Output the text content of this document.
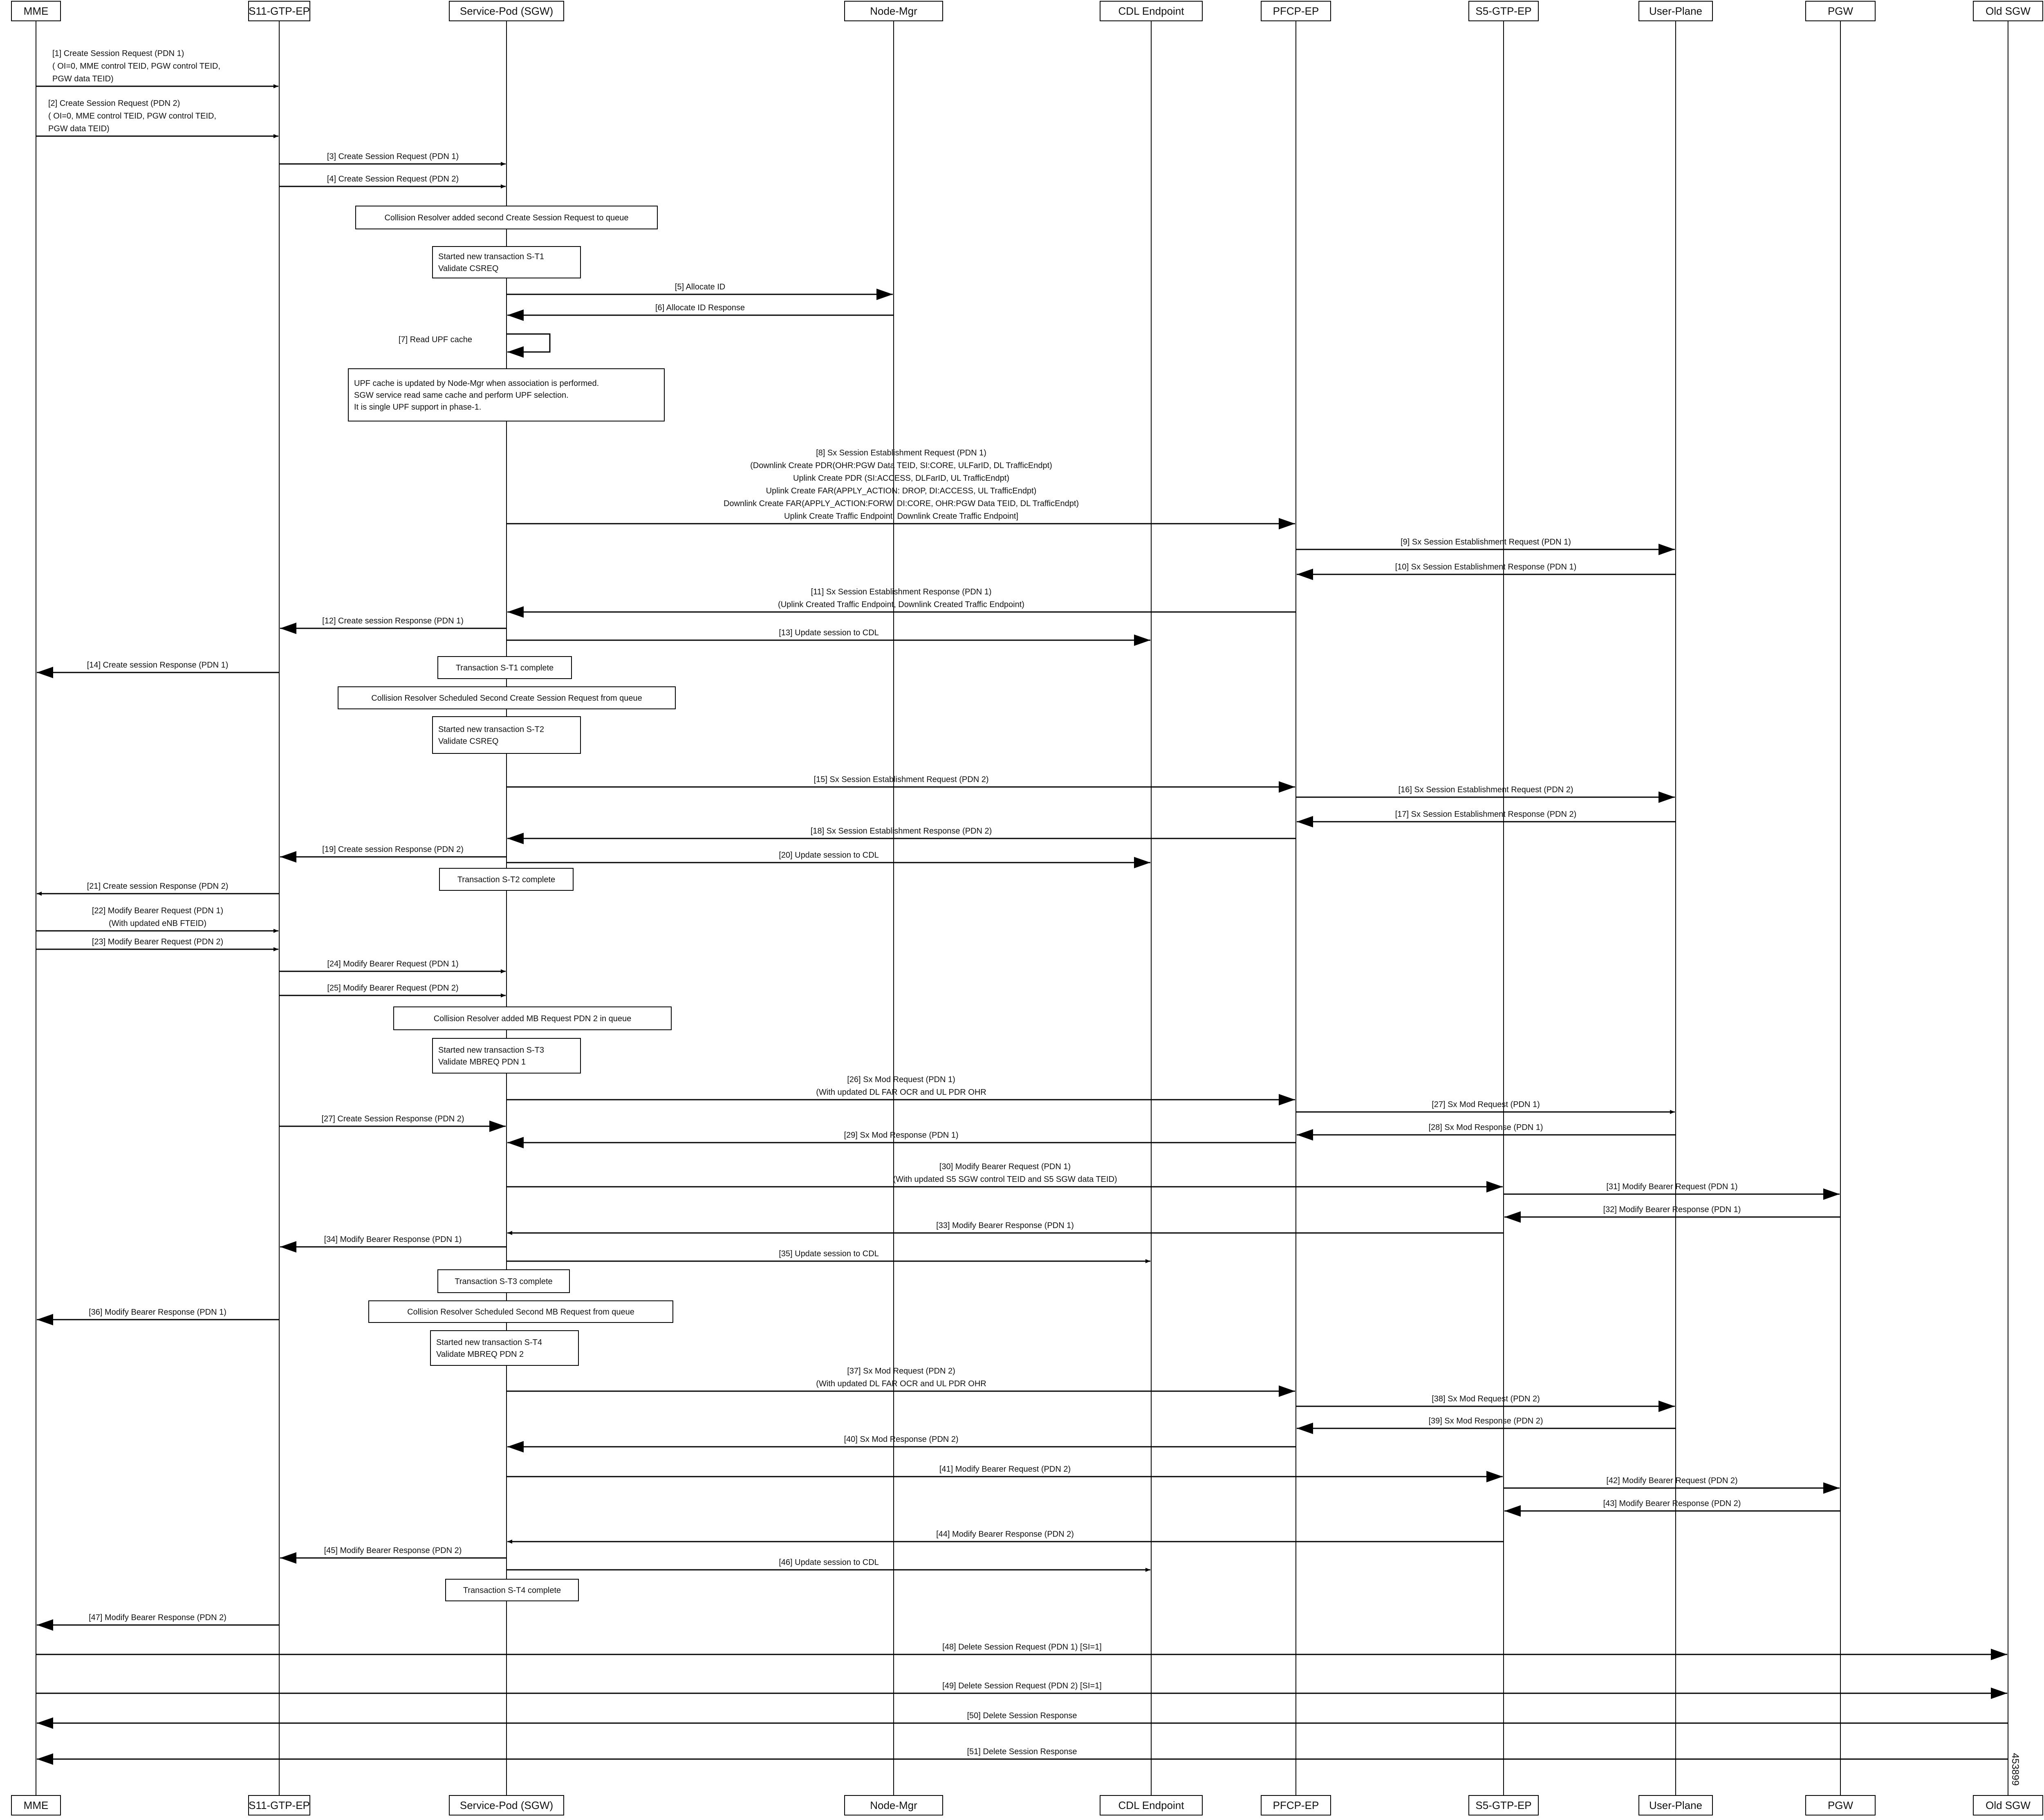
MME
MME
S11-GTP-EP
S11-GTP-EP
Service-Pod (SGW)
Service-Pod (SGW)
Node-Mgr
Node-Mgr
CDL Endpoint
CDL Endpoint
PFCP-EP
PFCP-EP
S5-GTP-EP
S5-GTP-EP
User-Plane
User-Plane
PGW
PGW
Old SGW
Old SGW
[1] Create Session Request (PDN 1)
( OI=0, MME control TEID, PGW control TEID,
PGW data TEID)
[2] Create Session Request (PDN 2)
( OI=0, MME control TEID, PGW control TEID,
PGW data TEID)
[3] Create Session Request (PDN 1)
[4] Create Session Request (PDN 2)
[5] Allocate ID
[6] Allocate ID Response
[7] Read UPF cache
[8] Sx Session Establishment Request (PDN 1)
(Downlink Create PDR(OHR:PGW Data TEID, SI:CORE, ULFarID, DL TrafficEndpt)
Uplink Create PDR (SI:ACCESS, DLFarID, UL TrafficEndpt)
Uplink Create FAR(APPLY_ACTION: DROP, DI:ACCESS, UL TrafficEndpt)
Downlink Create FAR(APPLY_ACTION:FORW, DI:CORE, OHR:PGW Data TEID, DL TrafficEndpt)
Uplink Create Traffic Endpoint, Downlink Create Traffic Endpoint]
[9] Sx Session Establishment Request (PDN 1)
[10] Sx Session Establishment Response (PDN 1)
[11] Sx Session Establishment Response (PDN 1)
(Uplink Created Traffic Endpoint, Downlink Created Traffic Endpoint)
[12] Create session Response (PDN 1)
[13] Update session to CDL
[14] Create session Response (PDN 1)
[15] Sx Session Establishment Request (PDN 2)
[16] Sx Session Establishment Request (PDN 2)
[17] Sx Session Establishment Response (PDN 2)
[18] Sx Session Establishment Response (PDN 2)
[19] Create session Response (PDN 2)
[20] Update session to CDL
[21] Create session Response (PDN 2)
[22] Modify Bearer Request (PDN 1)
(With updated eNB FTEID)
[23] Modify Bearer Request (PDN 2)
[24] Modify Bearer Request (PDN 1)
[25] Modify Bearer Request (PDN 2)
[26] Sx Mod Request (PDN 1)
(With updated DL FAR OCR and UL PDR OHR
[27] Sx Mod Request (PDN 1)
[27] Create Session Response (PDN 2)
[28] Sx Mod Response (PDN 1)
[29] Sx Mod Response (PDN 1)
[30] Modify Bearer Request (PDN 1)
(With updated S5 SGW control TEID and S5 SGW data TEID)
[31] Modify Bearer Request (PDN 1)
[32] Modify Bearer Response (PDN 1)
[33] Modify Bearer Response (PDN 1)
[34] Modify Bearer Response (PDN 1)
[35] Update session to CDL
[36] Modify Bearer Response (PDN 1)
[37] Sx Mod Request (PDN 2)
(With updated DL FAR OCR and UL PDR OHR
[38] Sx Mod Request (PDN 2)
[39] Sx Mod Response (PDN 2)
[40] Sx Mod Response (PDN 2)
[41] Modify Bearer Request (PDN 2)
[42] Modify Bearer Request (PDN 2)
[43] Modify Bearer Response (PDN 2)
[44] Modify Bearer Response (PDN 2)
[45] Modify Bearer Response (PDN 2)
[46] Update session to CDL
[47] Modify Bearer Response (PDN 2)
[48] Delete Session Request (PDN 1) [SI=1]
[49] Delete Session Request (PDN 2) [SI=1]
[50] Delete Session Response
[51] Delete Session Response
Collision Resolver added second Create Session Request to queue
Started new transaction S-T1
Validate CSREQ
UPF cache is updated by Node-Mgr when association is performed.
SGW service read same cache and perform UPF selection.
It is single UPF support in phase-1.
Transaction S-T1 complete
Collision Resolver Scheduled Second Create Session Request from queue
Started new transaction S-T2
Validate CSREQ
Transaction S-T2 complete
Collision Resolver added MB Request PDN 2 in queue
Started new transaction S-T3
Validate MBREQ PDN 1
Transaction S-T3 complete
Collision Resolver Scheduled Second MB Request from queue
Started new transaction S-T4
Validate MBREQ PDN 2
Transaction S-T4 complete
453899
